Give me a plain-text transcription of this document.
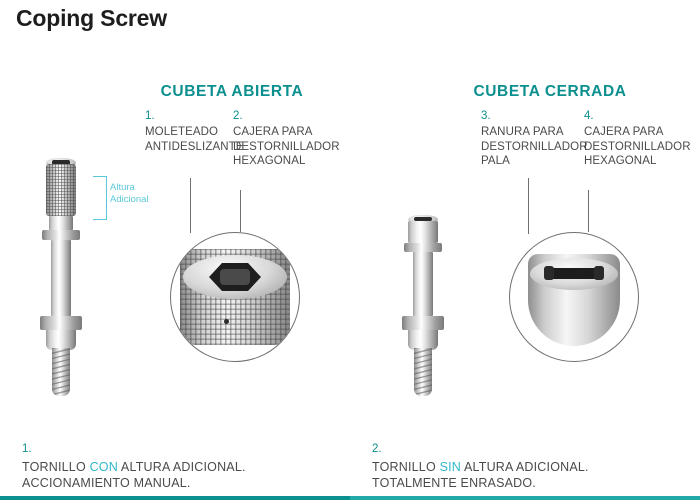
Coping Screw
CUBETA ABIERTA	CUBETA CERRADA
1.
MOLETEADO ANTIDESLIZANTE
2.
CAJERA PARA DESTORNILLADOR HEXAGONAL
3.
RANURA PARA DESTORNILLADOR PALA
4.
CAJERA PARA DESTORNILLADOR HEXAGONAL
Altura
Adicional
1.
TORNILLO CON ALTURA ADICIONAL.
ACCIONAMIENTO MANUAL.
2.
TORNILLO SIN ALTURA ADICIONAL.
TOTALMENTE ENRASADO.
